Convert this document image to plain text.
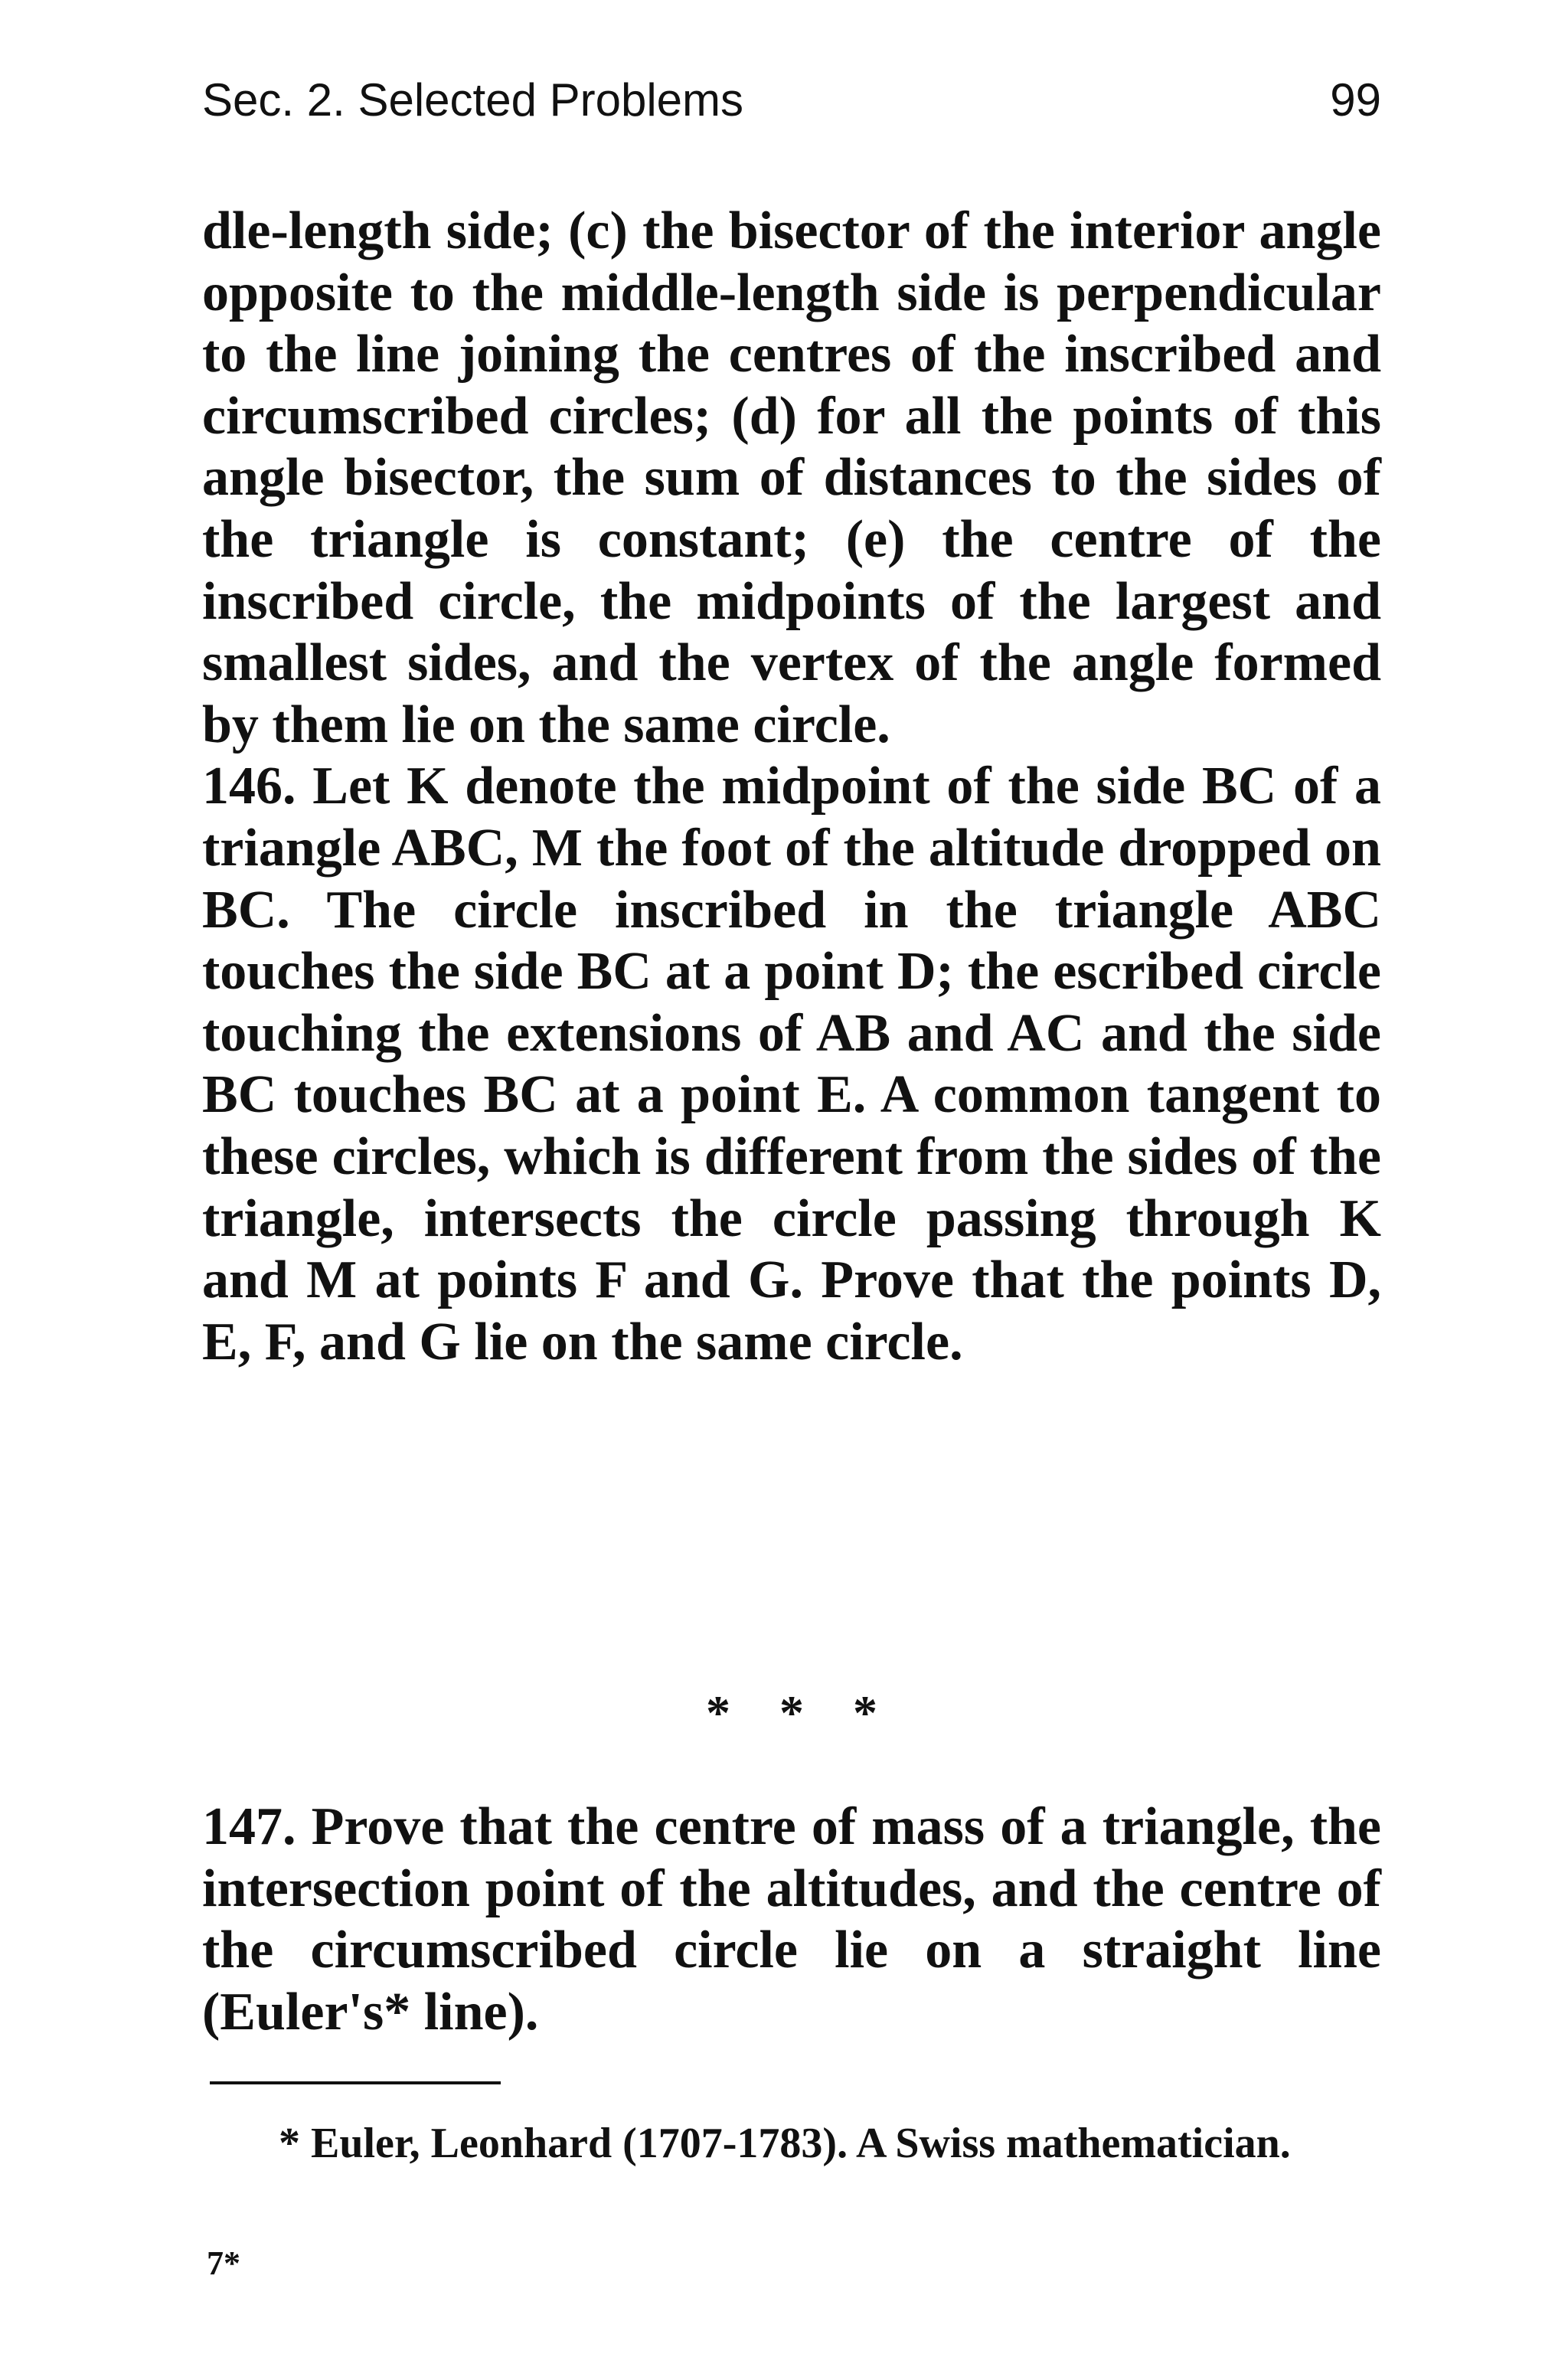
Sec. 2. Selected Problems	99

dle-length side; (c) the bisector of the interior angle opposite to the middle-length side is perpendicular to the line joining the centres of the inscribed and circumscribed circles; (d) for all the points of this angle bisector, the sum of distances to the sides of the triangle is constant; (e) the centre of the inscribed circle, the midpoints of the largest and smallest sides, and the vertex of the angle formed by them lie on the same circle.

146. Let K denote the midpoint of the side BC of a triangle ABC, M the foot of the altitude dropped on BC. The circle inscribed in the triangle ABC touches the side BC at a point D; the escribed circle touching the extensions of AB and AC and the side BC touches BC at a point E. A common tangent to these circles, which is different from the sides of the triangle, intersects the circle passing through K and M at points F and G. Prove that the points D, E, F, and G lie on the same circle.

* * *

147. Prove that the centre of mass of a triangle, the intersection point of the altitudes, and the centre of the circumscribed circle lie on a straight line (Euler's* line).

* Euler, Leonhard (1707-1783). A Swiss mathematician.

7*
